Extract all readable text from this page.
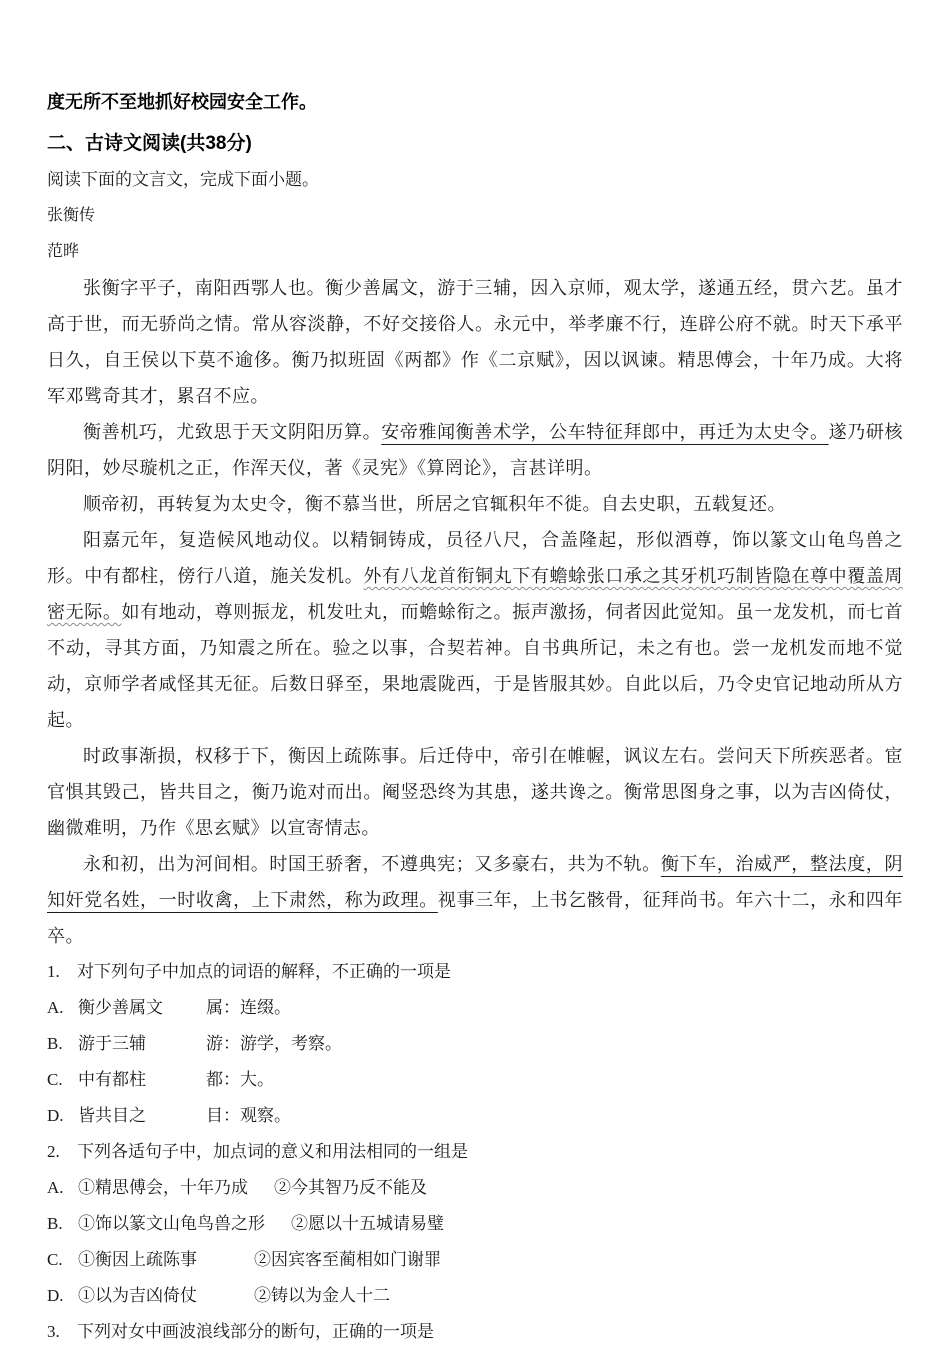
度无所不至地抓好校园安全工作。

二、古诗文阅读(共38分)

阅读下面的文言文，完成下面小题。

张衡传

范晔

张衡字平子，南阳西鄂人也。衡少善属文，游于三辅，因入京师，观太学，遂通五经，贯六艺。虽才高于世，而无骄尚之情。常从容淡静，不好交接俗人。永元中，举孝廉不行，连辟公府不就。时天下承平日久，自王侯以下莫不逾侈。衡乃拟班固《两都》作《二京赋》，因以讽谏。精思傅会，十年乃成。大将军邓骘奇其才，累召不应。

衡善机巧，尤致思于天文阴阳历算。安帝雅闻衡善术学，公车特征拜郎中，再迁为太史令。遂乃研核阴阳，妙尽璇机之正，作浑天仪，著《灵宪》《算罔论》，言甚详明。

顺帝初，再转复为太史令，衡不慕当世，所居之官辄积年不徙。自去史职，五载复还。

阳嘉元年，复造候风地动仪。以精铜铸成，员径八尺，合盖隆起，形似酒尊，饰以篆文山龟鸟兽之形。中有都柱，傍行八道，施关发机。外有八龙首衔铜丸下有蟾蜍张口承之其牙机巧制皆隐在尊中覆盖周密无际。如有地动，尊则振龙，机发吐丸，而蟾蜍衔之。振声激扬，伺者因此觉知。虽一龙发机，而七首不动，寻其方面，乃知震之所在。验之以事，合契若神。自书典所记，未之有也。尝一龙机发而地不觉动，京师学者咸怪其无征。后数日驿至，果地震陇西，于是皆服其妙。自此以后，乃令史官记地动所从方起。

时政事渐损，权移于下，衡因上疏陈事。后迁侍中，帝引在帷幄，讽议左右。尝问天下所疾恶者。宦官惧其毁己，皆共目之，衡乃诡对而出。阉竖恐终为其患，遂共谗之。衡常思图身之事，以为吉凶倚仗，幽微难明，乃作《思玄赋》以宣寄情志。

永和初，出为河间相。时国王骄奢，不遵典宪；又多豪右，共为不轨。衡下车，治威严，整法度，阴知奸党名姓，一时收禽，上下肃然，称为政理。视事三年，上书乞骸骨，征拜尚书。年六十二，永和四年卒。

1. 对下列句子中加点的词语的解释，不正确的一项是

A. 衡少善属文	属：连缀。

B. 游于三辅	游：游学，考察。

C. 中有都柱	都：大。

D. 皆共目之	目：观察。

2. 下列各适句子中，加点词的意义和用法相同的一组是

A. ①精思傅会，十年乃成 ②今其智乃反不能及

B. ①饰以篆文山龟鸟兽之形 ②愿以十五城请易璧

C. ①衡因上疏陈事	②因宾客至蔺相如门谢罪

D. ①以为吉凶倚仗	②铸以为金人十二

3. 下列对女中画波浪线部分的断句，正确的一项是
